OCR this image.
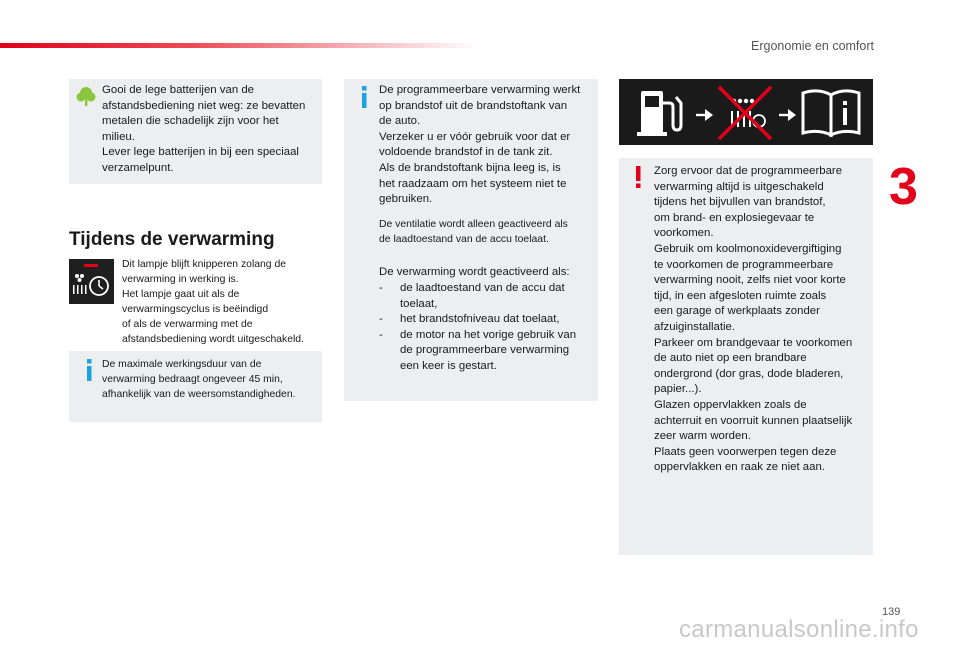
Ergonomie en comfort
3

Gooi de lege batterijen van de
afstandsbediening niet weg: ze bevatten
metalen die schadelijk zijn voor het
milieu.
Lever lege batterijen in bij een speciaal
verzamelpunt.

Tijdens de verwarming

Dit lampje blijft knipperen zolang de
verwarming in werking is.
Het lampje gaat uit als de
verwarmingscyclus is beëindigd
of als de verwarming met de
afstandsbediening wordt uitgeschakeld.

De maximale werkingsduur van de
verwarming bedraagt ongeveer 45 min,
afhankelijk van de weersomstandigheden.

De programmeerbare verwarming werkt
op brandstof uit de brandstoftank van
de auto.
Verzeker u er vóór gebruik voor dat er
voldoende brandstof in de tank zit.
Als de brandstoftank bijna leeg is, is
het raadzaam om het systeem niet te
gebruiken.

De ventilatie wordt alleen geactiveerd als
de laadtoestand van de accu toelaat.

De verwarming wordt geactiveerd als:

- de laadtoestand van de accu dat
toelaat,
- het brandstofniveau dat toelaat,
- de motor na het vorige gebruik van
de programmeerbare verwarming
een keer is gestart.

Zorg ervoor dat de programmeerbare
verwarming altijd is uitgeschakeld
tijdens het bijvullen van brandstof,
om brand- en explosiegevaar te
voorkomen.
Gebruik om koolmonoxidevergiftiging
te voorkomen de programmeerbare
verwarming nooit, zelfs niet voor korte
tijd, in een afgesloten ruimte zoals
een garage of werkplaats zonder
afzuiginstallatie.
Parkeer om brandgevaar te voorkomen
de auto niet op een brandbare
ondergrond (dor gras, dode bladeren,
papier...).
Glazen oppervlakken zoals de
achterruit en voorruit kunnen plaatselijk
zeer warm worden.
Plaats geen voorwerpen tegen deze
oppervlakken en raak ze niet aan.

139
carmanualsonline.info
